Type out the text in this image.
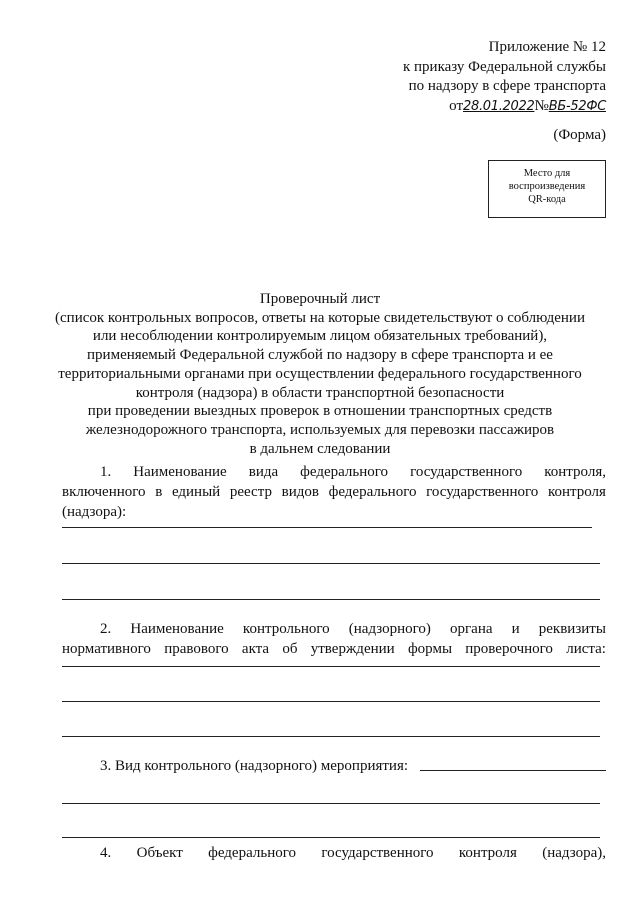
Приложение № 12
к приказу Федеральной службы
по надзору в сфере транспорта
от28.01.2022№ВБ-52ФС
(Форма)
Место для
воспроизведения
QR-кода
Проверочный лист
(список контрольных вопросов, ответы на которые свидетельствуют о соблюдении
или несоблюдении контролируемым лицом обязательных требований),
применяемый Федеральной службой по надзору в сфере транспорта и ее
территориальными органами при осуществлении федерального государственного
контроля (надзора) в области транспортной безопасности
при проведении выездных проверок в отношении транспортных средств
железнодорожного транспорта, используемых для перевозки пассажиров
в дальнем следовании
1. Наименование вида федерального государственного контроля,
включенного в единый реестр видов федерального государственного контроля
(надзора):
2. Наименование контрольного (надзорного) органа и реквизиты
нормативного правового акта об утверждении формы проверочного листа:
3. Вид контрольного (надзорного) мероприятия:
4. Объект федерального государственного контроля (надзора),
